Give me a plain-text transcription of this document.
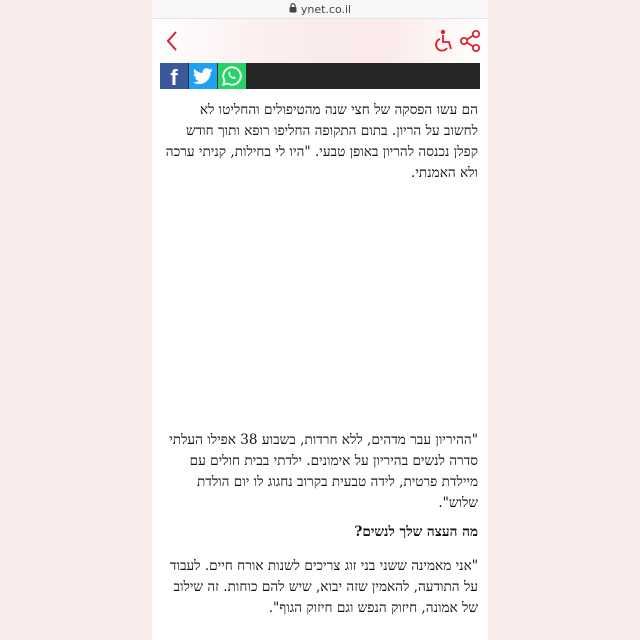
ynet.co.il
f

הם עשו הפסקה של חצי שנה מהטיפולים והחליטו לא לחשוב על הריון. בתום התקופה החליפו רופא ותוך חודש קפלן נכנסה להריון באופן טבעי. "היו לי בחילות, קניתי ערכה ולא האמנתי.

"ההיריון עבר מדהים, ללא חרדות, בשבוע 38 אפילו העלתי סדרה לנשים בהיריון על אימונים. ילדתי בבית חולים עם מיילדת פרטית, לידה טבעית בקרוב נחגוג לו יום הולדת שלוש".

מה העצה שלך לנשים?

"אני מאמינה ששני בני זוג צריכים לשנות אורח חיים. לעבוד על התודעה, להאמין שזה יבוא, שיש להם כוחות. זה שילוב של אמונה, חיזוק הנפש וגם חיזוק הגוף".
